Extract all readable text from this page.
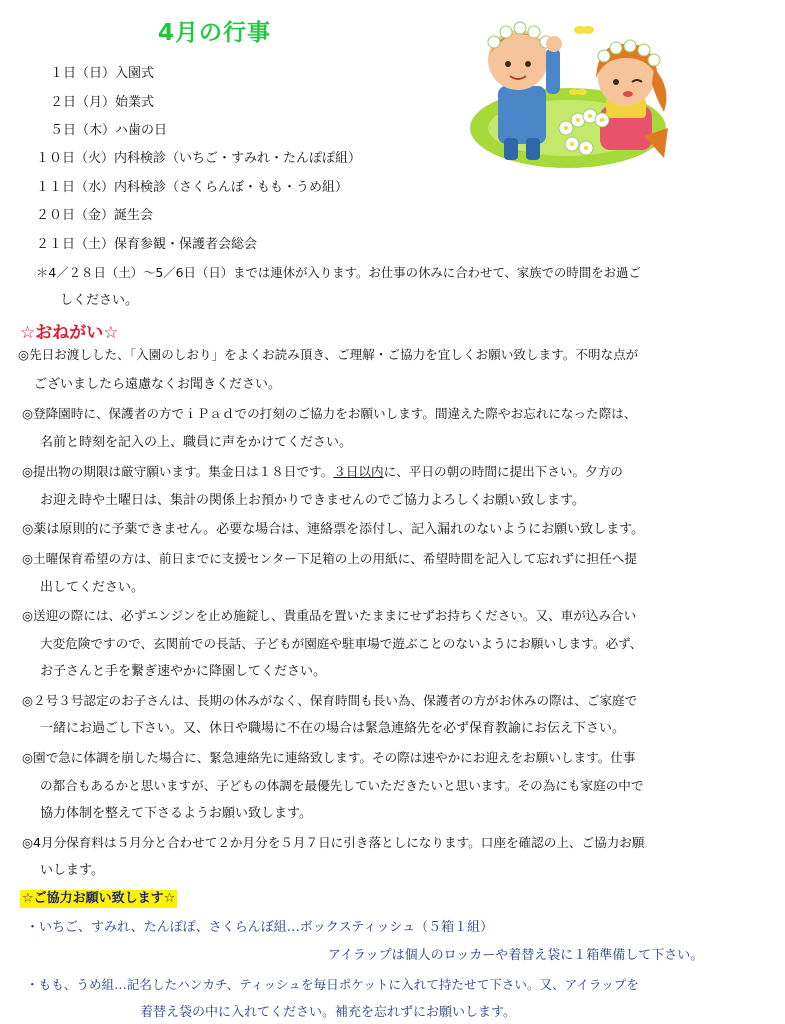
4月の行事
１日（日）入園式
２日（月）始業式
５日（木）ハ歯の日
１０日（火）内科検診（いちご・すみれ・たんぽぽ組）
１１日（水）内科検診（さくらんぼ・もも・うめ組）
２０日（金）誕生会
２１日（土）保育参観・保護者会総会
＊4／２８日（土）～5／6日（日）までは連休が入ります。お仕事の休みに合わせて、家族での時間をお過ご
しください。
☆おねがい☆
◎先日お渡しした、「入園のしおり」をよくお読み頂き、ご理解・ご協力を宜しくお願い致します。不明な点が
ございましたら遠慮なくお聞きください。
◎登降園時に、保護者の方でｉＰａｄでの打刻のご協力をお願いします。間違えた際やお忘れになった際は、
名前と時刻を記入の上、職員に声をかけてください。
◎提出物の期限は厳守願います。集金日は１８日です。３日以内に、平日の朝の時間に提出下さい。夕方の
お迎え時や土曜日は、集計の関係上お預かりできませんのでご協力よろしくお願い致します。
◎薬は原則的に予薬できません。必要な場合は、連絡票を添付し、記入漏れのないようにお願い致します。
◎土曜保育希望の方は、前日までに支援センター下足箱の上の用紙に、希望時間を記入して忘れずに担任へ提
出してください。
◎送迎の際には、必ずエンジンを止め施錠し、貴重品を置いたままにせずお持ちください。又、車が込み合い
大変危険ですので、玄関前での長話、子どもが園庭や駐車場で遊ぶことのないようにお願いします。必ず、
お子さんと手を繋ぎ速やかに降園してください。
◎２号３号認定のお子さんは、長期の休みがなく、保育時間も長い為、保護者の方がお休みの際は、ご家庭で
一緒にお過ごし下さい。又、休日や職場に不在の場合は緊急連絡先を必ず保育教諭にお伝え下さい。
◎園で急に体調を崩した場合に、緊急連絡先に連絡致します。その際は速やかにお迎えをお願いします。仕事
の都合もあるかと思いますが、子どもの体調を最優先していただきたいと思います。その為にも家庭の中で
協力体制を整えて下さるようお願い致します。
◎4月分保育料は５月分と合わせて２か月分を５月７日に引き落としになります。口座を確認の上、ご協力お願
いします。
☆ご協力お願い致します☆
・いちご、すみれ、たんぽぽ、さくらんぼ組…ボックスティッシュ（５箱１組）
アイラップは個人のロッカーや着替え袋に１箱準備して下さい。
・もも、うめ組…記名したハンカチ、ティッシュを毎日ポケットに入れて持たせて下さい。又、アイラップを
着替え袋の中に入れてください。補充を忘れずにお願いします。
